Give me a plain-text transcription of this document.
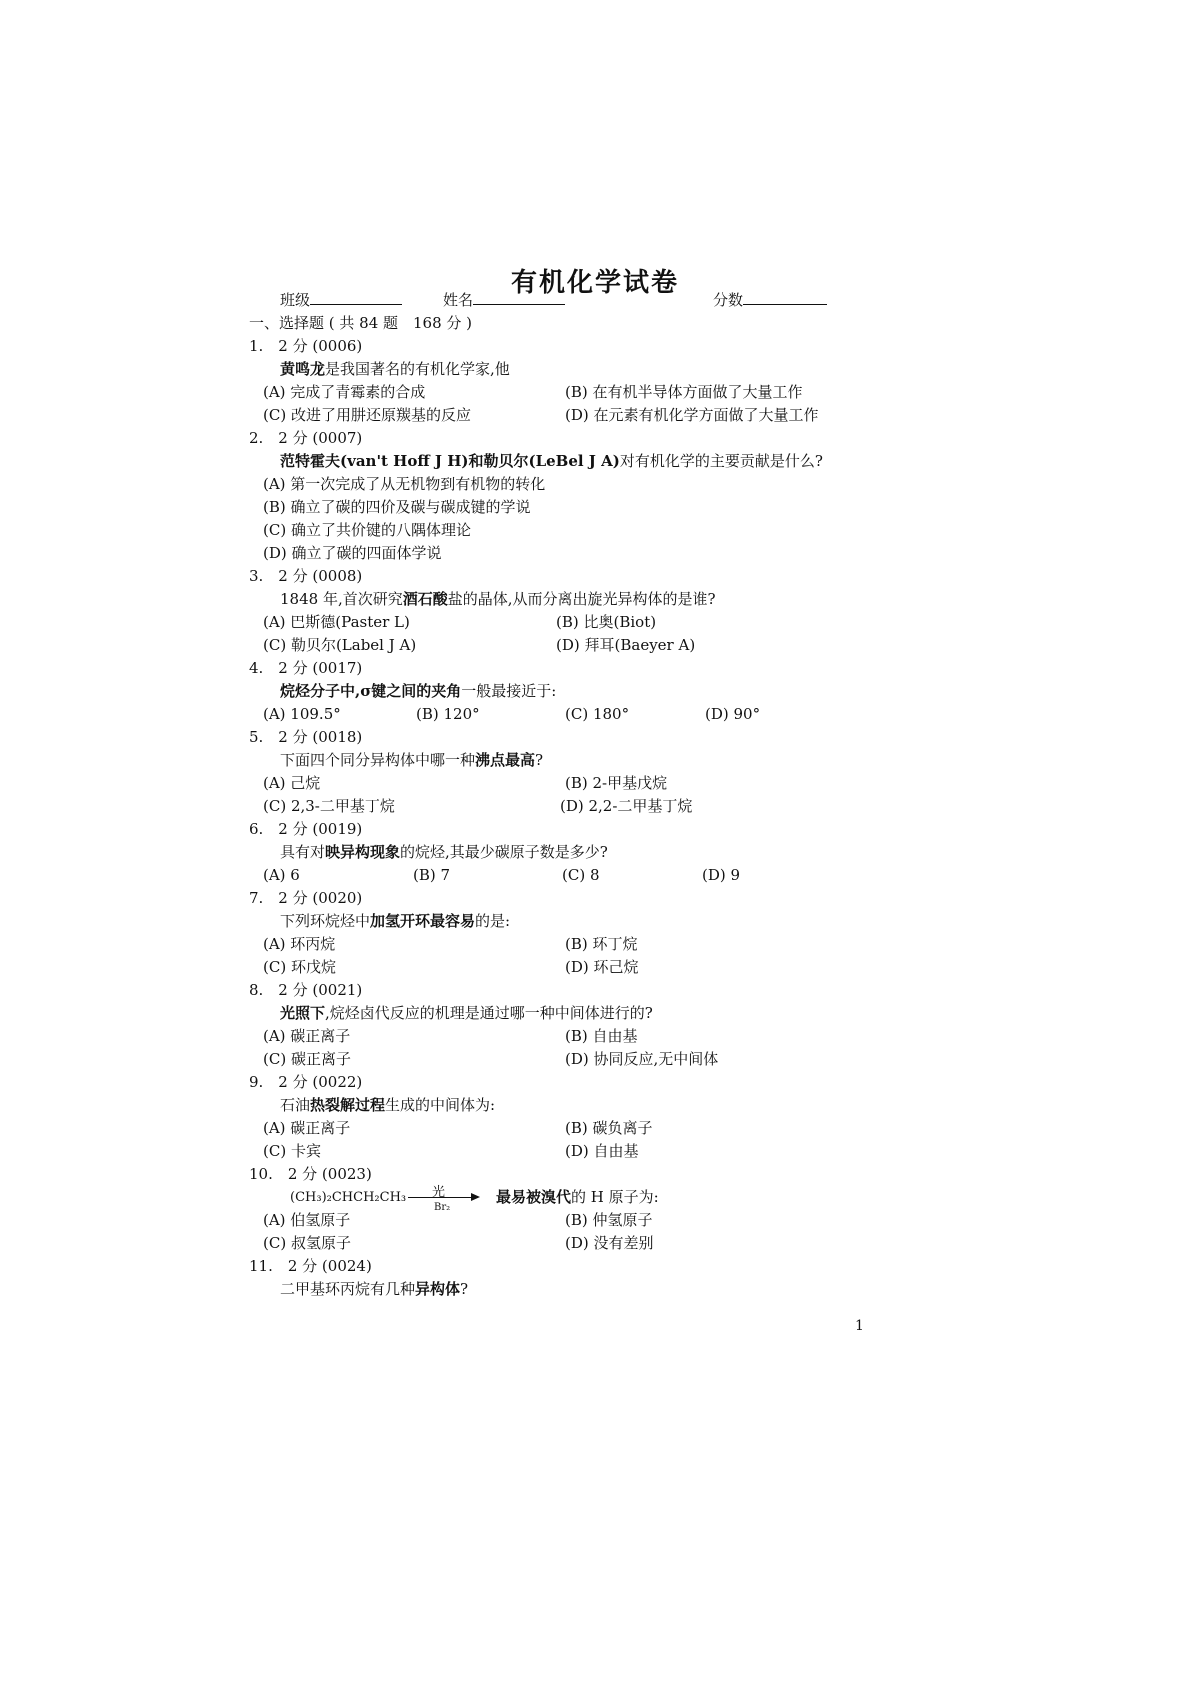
有机化学试卷
班级	姓名	分数
一、选择题 ( 共 84 题　168 分 )
1.　2 分 (0006)
黄鸣龙是我国著名的有机化学家,他
(A) 完成了青霉素的合成	(B) 在有机半导体方面做了大量工作
(C) 改进了用肼还原羰基的反应	(D) 在元素有机化学方面做了大量工作
2.　2 分 (0007)
范特霍夫(van't Hoff J H)和勒贝尔(LeBel J A)对有机化学的主要贡献是什么?
(A) 第一次完成了从无机物到有机物的转化
(B) 确立了碳的四价及碳与碳成键的学说
(C) 确立了共价键的八隅体理论
(D) 确立了碳的四面体学说
3.　2 分 (0008)
1848 年,首次研究酒石酸盐的晶体,从而分离出旋光异构体的是谁?
(A) 巴斯德(Paster L)	(B) 比奥(Biot)
(C) 勒贝尔(Label J A)	(D) 拜耳(Baeyer A)
4.　2 分 (0017)
烷烃分子中,σ键之间的夹角一般最接近于:
(A) 109.5°	(B) 120°	(C) 180°	(D) 90°
5.　2 分 (0018)
下面四个同分异构体中哪一种沸点最高?
(A) 己烷	(B) 2-甲基戊烷
(C) 2,3-二甲基丁烷	(D) 2,2-二甲基丁烷
6.　2 分 (0019)
具有对映异构现象的烷烃,其最少碳原子数是多少?
(A) 6	(B) 7	(C) 8	(D) 9
7.　2 分 (0020)
下列环烷烃中加氢开环最容易的是:
(A) 环丙烷	(B) 环丁烷
(C) 环戊烷	(D) 环己烷
8.　2 分 (0021)
光照下,烷烃卤代反应的机理是通过哪一种中间体进行的?
(A) 碳正离子	(B) 自由基
(C) 碳正离子	(D) 协同反应,无中间体
9.　2 分 (0022)
石油热裂解过程生成的中间体为:
(A) 碳正离子	(B) 碳负离子
(C) 卡宾	(D) 自由基
10.　2 分 (0023)
(CH₃)₂CHCH₂CH₃ 光
Br₂
最易被溴代的 H 原子为:
(A) 伯氢原子	(B) 仲氢原子
(C) 叔氢原子	(D) 没有差别
11.　2 分 (0024)
二甲基环丙烷有几种异构体?
1
